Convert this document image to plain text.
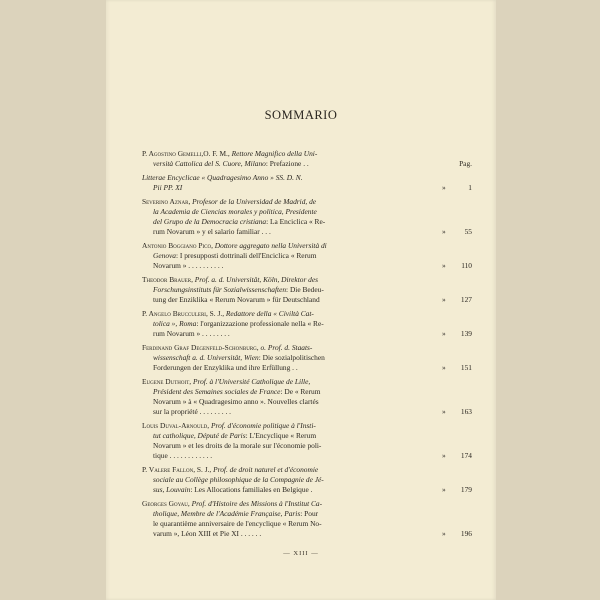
SOMMARIO
P. Agostino Gemelli,O. F. M., Rettore Magnifico della Uni-
versità Cattolica del S. Cuore, Milano: Prefazione . .	Pag.
Litterae Encyclicae « Quadragesimo Anno » SS. D. N.
Pii PP. XI	»	1
Severino Aznar, Profesor de la Universidad de Madrid, de
la Academia de Ciencias morales y politica, Presidente
del Grupo de la Democracia cristiana: La Enciclica « Re-
rum Novarum » y el salario familiar . . .	»	55
Antonio Boggiano Pico, Dottore aggregato nella Università di
Genova: I presupposti dottrinali dell'Enciclica « Rerum
Novarum » . . . . . . . . . .	» 110
Theodor Brauer, Prof. a. d. Universität, Köln, Direktor des
Forschungsinstituts für Sozialwissenschaften: Die Bedeu-
tung der Enziklika « Rerum Novarum » für Deutschland	» 127
P. Angelo Brucculeri, S. J., Redattore della « Civiltà Cat-
tolica », Roma: l'organizzazione professionale nella « Re-
rum Novarum » . . . . . . . .	» 139
Ferdinand Graf Degenfeld-Schonburg, o. Prof. d. Staats-
wissenschaft a. d. Universität, Wien: Die sozialpolitischen
Forderungen der Enzyklika und ihre Erfüllung . .	» 151
Eugene Duthoit, Prof. à l'Université Catholique de Lille,
Président des Semaines sociales de France: De « Rerum
Novarum » à « Quadragesimo anno ». Nouvelles clartés
sur la propriété . . . . . . . . .	» 163
Louis Duval-Arnould, Prof. d'économie politique à l'Insti-
tut catholique, Député de Paris: L'Encyclique « Rerum
Novarum » et les droits de la morale sur l'économie poli-
tique . . . . . . . . . . . .	» 174
P. Valere Fallon, S. J., Prof. de droit naturel et d'économie
sociale au Collège philosophique de la Compagnie de Jé-
sus, Louvain: Les Allocations familiales en Belgique .	» 179
Georges Goyau, Prof. d'Histoire des Missions à l'Institut Ca-
tholique, Membre de l'Académie Française, Paris: Pour
le quarantième anniversaire de l'encyclique « Rerum No-
varum », Léon XIII et Pie XI . . . . . .	» 196
— XIII —
